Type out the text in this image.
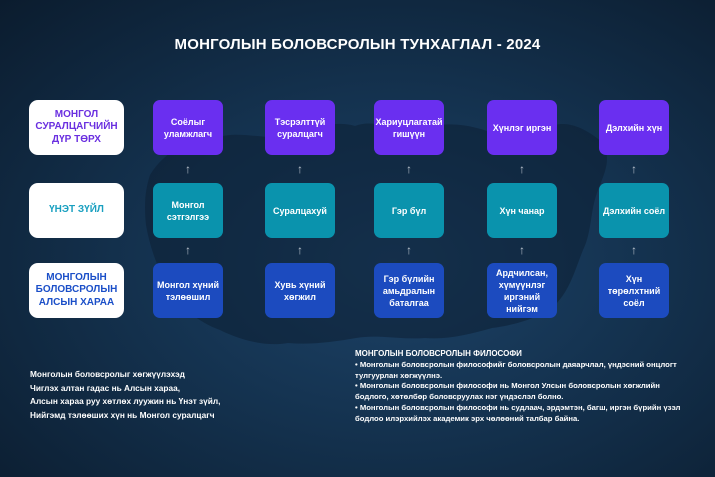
МОНГОЛЫН БОЛОВСРОЛЫН ТУНХАГЛАЛ - 2024
МОНГОЛ СУРАЛЦАГЧИЙН ДҮР ТӨРХ
ҮНЭТ ЗҮЙЛ
МОНГОЛЫН БОЛОВСРОЛЫН АЛСЫН ХАРАА
Соёлыг уламжлагч
Тэсрэлттүй суралцагч
Хариуцлагатай гишүүн
Хүнлэг иргэн	Дэлхийн хүн
↑	↑	↑	↑	↑
Монгол сэтгэлгээ
Суралцахуй	Гэр бүл	Хүн чанар	Дэлхийн соёл
↑	↑	↑	↑	↑
Монгол хүний тэлөөшил
Хувь хүний хөгжил
Гэр бүлийн амьдралын баталгаа
Ардчилсан, хүмүүнлэг иргэний нийгэм
Хүн төрөлхтний соёл
Монголын боловсролыг хөгжүүлэхэд
Чиглэх алтан гадас нь Алсын хараа,
Алсын хараа руу хөтлөх луужин нь Үнэт зүйл,
Нийгэмд тэлөөших хүн нь Монгол суралцагч
МОНГОЛЫН БОЛОВСРОЛЫН ФИЛОСОФИ
• Монголын боловсролын философийг боловсролын даяарчлал, үндэсний онцлогт тулгуурлан хөгжүүлнэ.
• Монголын боловсролын философи нь Монгол Улсын боловсролын хөгжлийн бодлого, хөтөлбөр боловсруулах нэг үндэслэл болно.
• Монголын боловсролын философи нь судлаач, эрдэмтэн, багш, иргэн бүрийн үзэл бодлоо илэрхийлэх академик эрх чөлөөний талбар байна.
